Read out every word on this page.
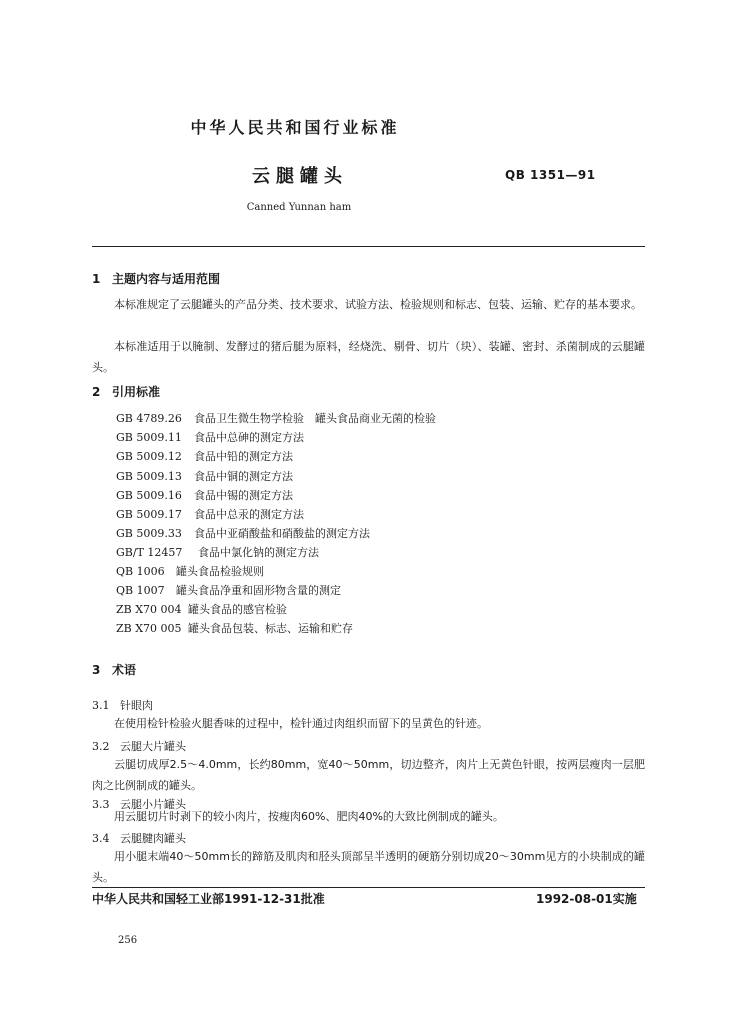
中华人民共和国行业标准
云腿罐头	QB 1351—91
Canned Yunnan ham
1 主题内容与适用范围
本标准规定了云腿罐头的产品分类、技术要求、试验方法、检验规则和标志、包装、运输、贮存的基本要求。
本标准适用于以腌制、发酵过的猪后腿为原料，经烧洗、剔骨、切片（块）、装罐、密封、杀菌制成的云腿罐头。
2 引用标准
GB 4789.26 食品卫生微生物学检验　罐头食品商业无菌的检验
GB 5009.11 食品中总砷的测定方法
GB 5009.12 食品中铅的测定方法
GB 5009.13 食品中铜的测定方法
GB 5009.16 食品中锡的测定方法
GB 5009.17 食品中总汞的测定方法
GB 5009.33 食品中亚硝酸盐和硝酸盐的测定方法
GB/T 12457 食品中氯化钠的测定方法
QB 1006 罐头食品检验规则
QB 1007 罐头食品净重和固形物含量的测定
ZB X70 004 罐头食品的感官检验
ZB X70 005 罐头食品包装、标志、运输和贮存
3 术语
3.1 针眼肉
在使用检针检验火腿香味的过程中，检针通过肉组织而留下的呈黄色的针迹。
3.2 云腿大片罐头
云腿切成厚2.5～4.0mm，长约80mm，宽40～50mm，切边整齐，肉片上无黄色针眼，按两层瘦肉一层肥肉之比例制成的罐头。
3.3 云腿小片罐头
用云腿切片时剥下的较小肉片，按瘦肉60%、肥肉40%的大致比例制成的罐头。
3.4 云腿腱肉罐头
用小腿末端40～50mm长的蹄筋及肌肉和胫头顶部呈半透明的硬筋分别切成20～30mm见方的小块制成的罐头。
中华人民共和国轻工业部1991-12-31批准	1992-08-01实施
256
